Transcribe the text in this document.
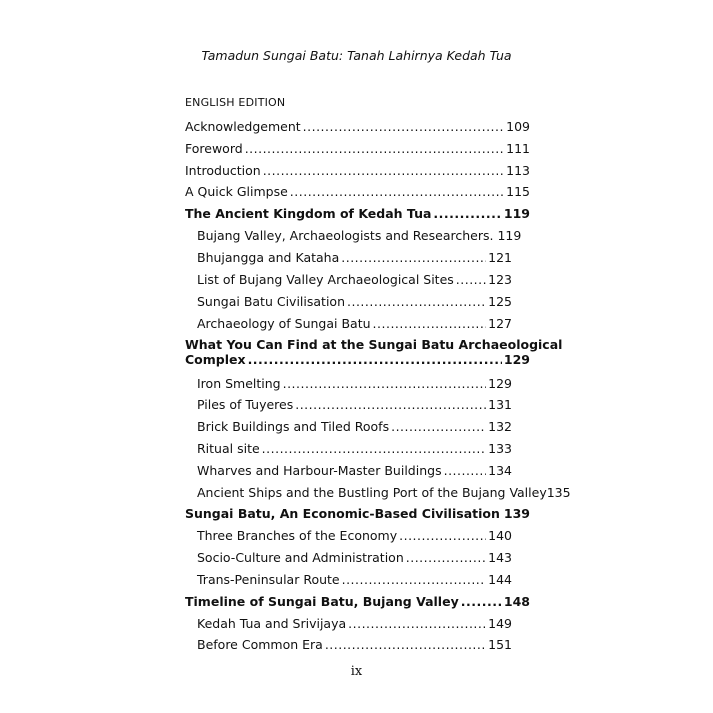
Tamadun Sungai Batu: Tanah Lahirnya Kedah Tua
ENGLISH EDITION
Acknowledgement .....	109
Foreword .....	111
Introduction .....	113
A Quick Glimpse .....	115
The Ancient Kingdom of Kedah Tua .....	119
Bujang Valley, Archaeologists and Researchers. 119
Bhujangga and Kataha .....	121
List of Bujang Valley Archaeological Sites .....	123
Sungai Batu Civilisation .....	125
Archaeology of Sungai Batu .....	127
What You Can Find at the Sungai Batu Archaeological
Complex .....	129
Iron Smelting .....	129
Piles of Tuyeres .....	131
Brick Buildings and Tiled Roofs .....	132
Ritual site .....	133
Wharves and Harbour-Master Buildings .....	134
Ancient Ships and the Bustling Port of the Bujang Valley 135
Sungai Batu, An Economic-Based Civilisation ..... 139
Three Branches of the Economy .....	140
Socio-Culture and Administration .....	143
Trans-Peninsular Route .....	144
Timeline of Sungai Batu, Bujang Valley .....	148
Kedah Tua and Srivijaya .....	149
Before Common Era .....	151
ix
